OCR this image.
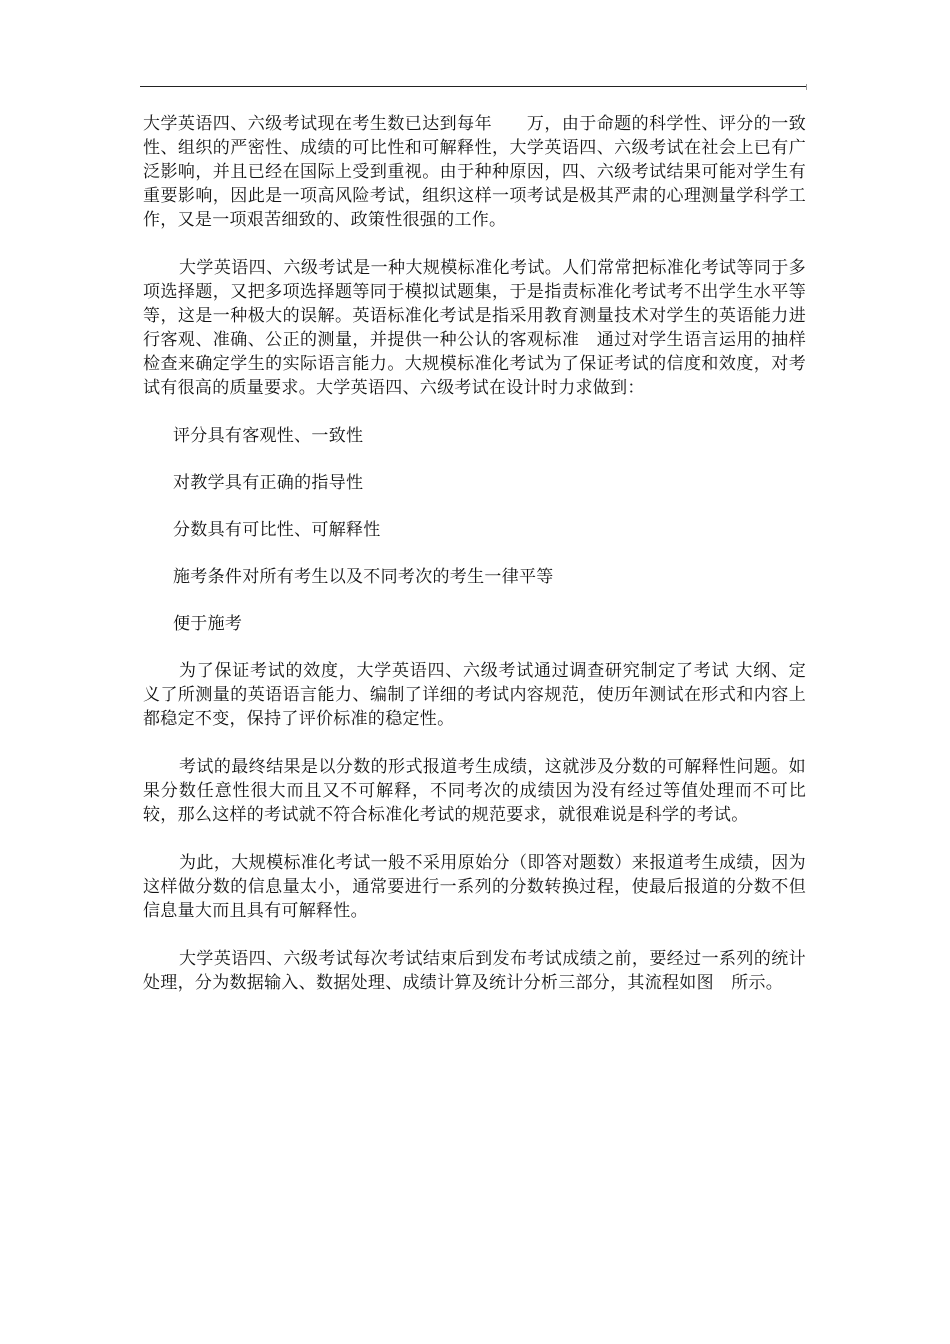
大学英语四、六级考试现在考生数已达到每年　　万，由于命题的科学性、评分的一致性、组织的严密性、成绩的可比性和可解释性，大学英语四、六级考试在社会上已有广泛影响，并且已经在国际上受到重视。由于种种原因，四、六级考试结果可能对学生有重要影响，因此是一项高风险考试，组织这样一项考试是极其严肃的心理测量学科学工作，又是一项艰苦细致的、政策性很强的工作。

大学英语四、六级考试是一种大规模标准化考试。人们常常把标准化考试等同于多项选择题，又把多项选择题等同于模拟试题集，于是指责标准化考试考不出学生水平等等，这是一种极大的误解。英语标准化考试是指采用教育测量技术对学生的英语能力进行客观、准确、公正的测量，并提供一种公认的客观标准　通过对学生语言运用的抽样检查来确定学生的实际语言能力。大规模标准化考试为了保证考试的信度和效度，对考试有很高的质量要求。大学英语四、六级考试在设计时力求做到：

评分具有客观性、一致性

对教学具有正确的指导性

分数具有可比性、可解释性

施考条件对所有考生以及不同考次的考生一律平等

便于施考

为了保证考试的效度，大学英语四、六级考试通过调查研究制定了考试 大纲、定义了所测量的英语语言能力、编制了详细的考试内容规范，使历年测试在形式和内容上都稳定不变，保持了评价标准的稳定性。

考试的最终结果是以分数的形式报道考生成绩，这就涉及分数的可解释性问题。如果分数任意性很大而且又不可解释，不同考次的成绩因为没有经过等值处理而不可比较，那么这样的考试就不符合标准化考试的规范要求，就很难说是科学的考试。

为此，大规模标准化考试一般不采用原始分（即答对题数）来报道考生成绩，因为这样做分数的信息量太小，通常要进行一系列的分数转换过程，使最后报道的分数不但信息量大而且具有可解释性。

大学英语四、六级考试每次考试结束后到发布考试成绩之前，要经过一系列的统计处理，分为数据输入、数据处理、成绩计算及统计分析三部分，其流程如图　所示。
